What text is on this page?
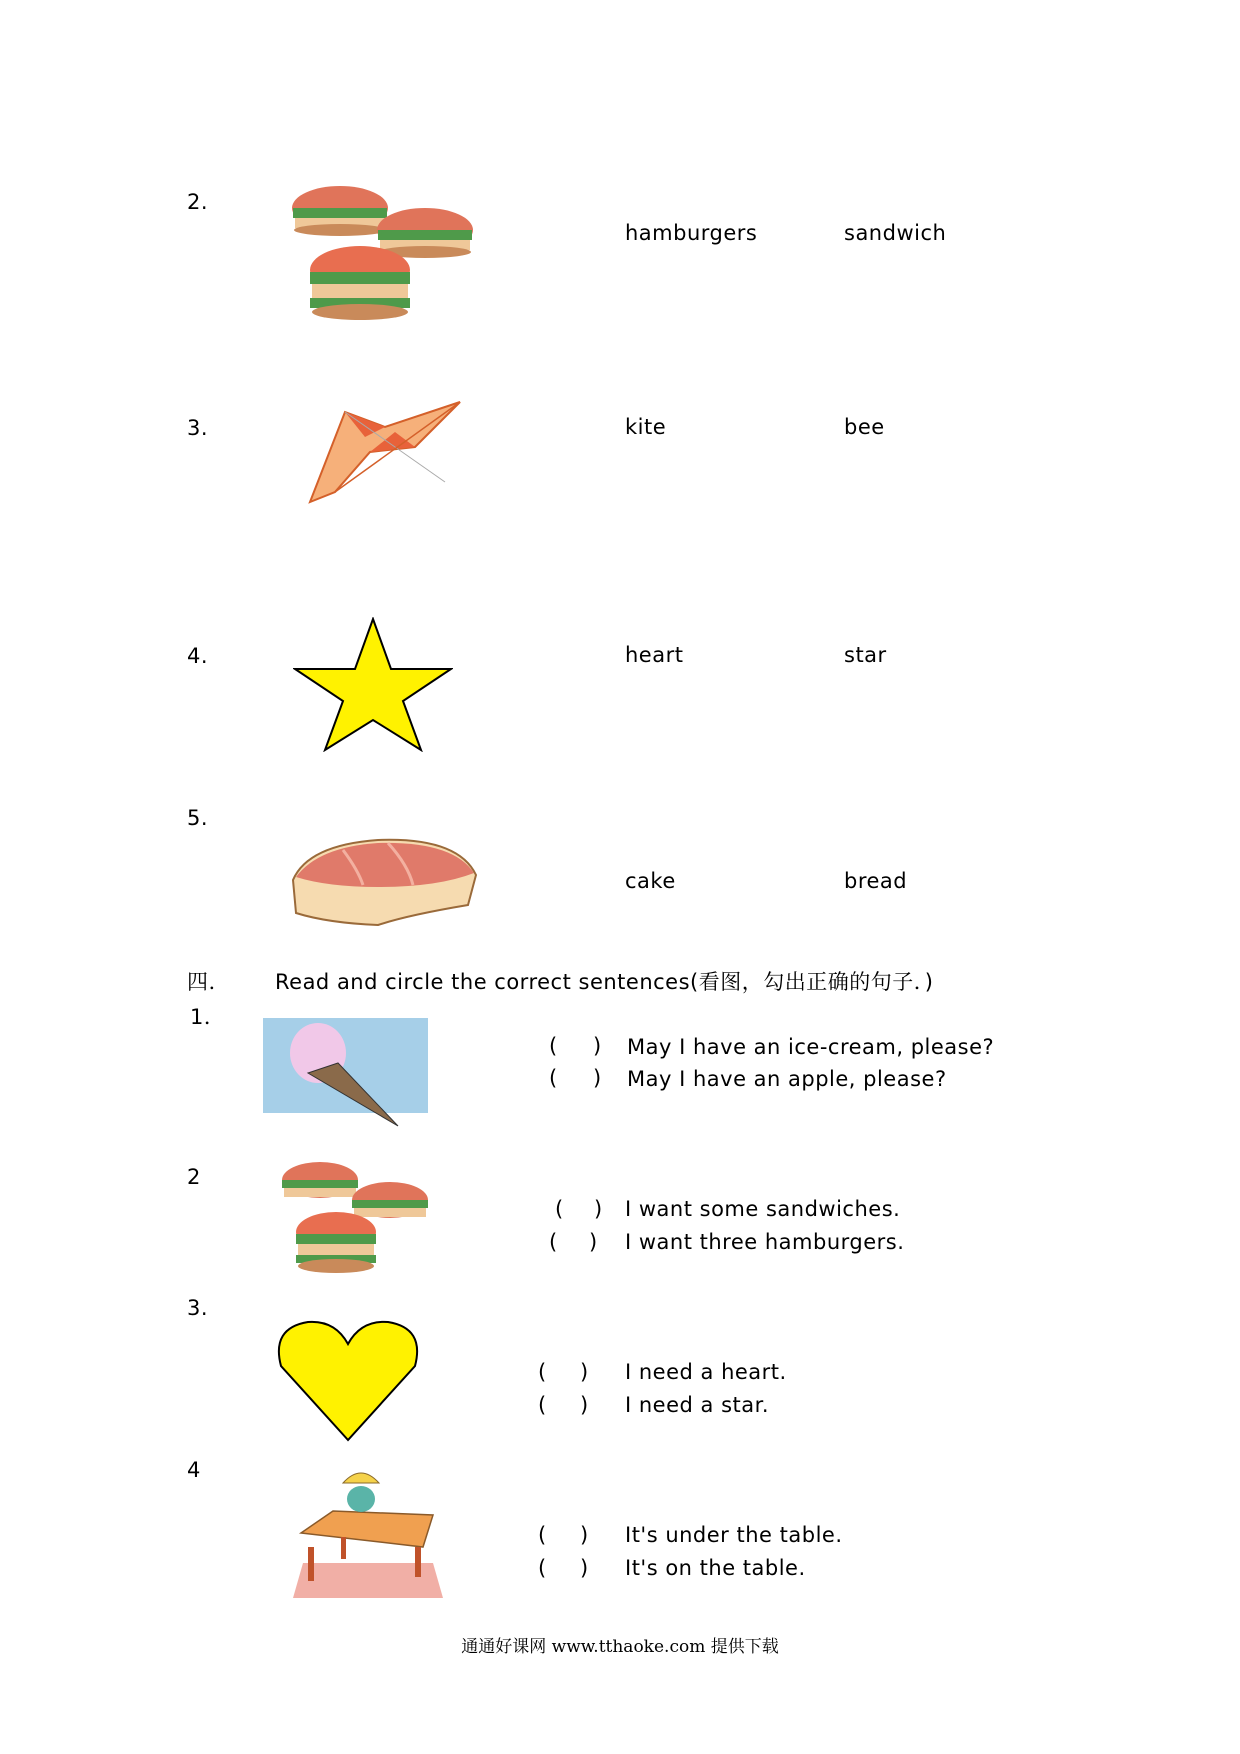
2.
hamburgers	sandwich
3.	kite	bee
4.	heart	star
5.
cake	bread
四.	Read and circle the correct sentences(看图，勾出正确的句子．)
1．
( ) May I have an ice-cream, please?
( ) May I have an apple, please?
2
( ) I want some sandwiches.
( ) I want three hamburgers.
3.
( ) I need a heart.
( ) I need a star.
4
( ) It's under the table.
( ) It's on the table.
通通好课网 www.tthaoke.com 提供下载
